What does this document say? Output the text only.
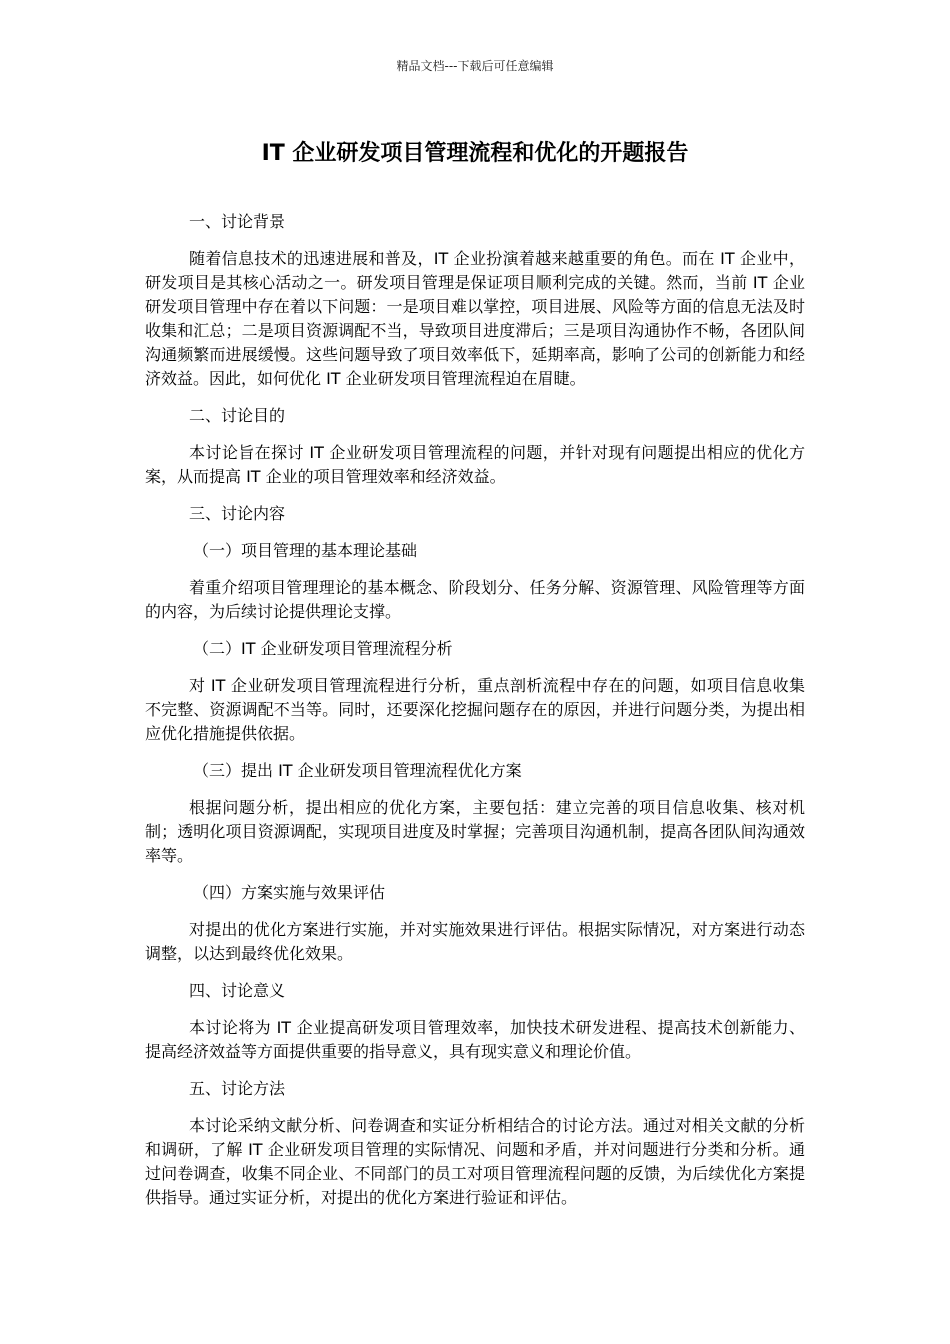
精品文档---下载后可任意编辑
IT 企业研发项目管理流程和优化的开题报告

一、讨论背景

随着信息技术的迅速进展和普及，IT 企业扮演着越来越重要的角色。而在 IT 企业中，研发项目是其核心活动之一。研发项目管理是保证项目顺利完成的关键。然而，当前 IT 企业研发项目管理中存在着以下问题：一是项目难以掌控，项目进展、风险等方面的信息无法及时收集和汇总；二是项目资源调配不当，导致项目进度滞后；三是项目沟通协作不畅，各团队间沟通频繁而进展缓慢。这些问题导致了项目效率低下，延期率高，影响了公司的创新能力和经济效益。因此，如何优化 IT 企业研发项目管理流程迫在眉睫。

二、讨论目的

本讨论旨在探讨 IT 企业研发项目管理流程的问题，并针对现有问题提出相应的优化方案，从而提高 IT 企业的项目管理效率和经济效益。

三、讨论内容

（一）项目管理的基本理论基础

着重介绍项目管理理论的基本概念、阶段划分、任务分解、资源管理、风险管理等方面的内容，为后续讨论提供理论支撑。

（二）IT 企业研发项目管理流程分析

对 IT 企业研发项目管理流程进行分析，重点剖析流程中存在的问题，如项目信息收集不完整、资源调配不当等。同时，还要深化挖掘问题存在的原因，并进行问题分类，为提出相应优化措施提供依据。

（三）提出 IT 企业研发项目管理流程优化方案

根据问题分析，提出相应的优化方案，主要包括：建立完善的项目信息收集、核对机制；透明化项目资源调配，实现项目进度及时掌握；完善项目沟通机制，提高各团队间沟通效率等。

（四）方案实施与效果评估

对提出的优化方案进行实施，并对实施效果进行评估。根据实际情况，对方案进行动态调整，以达到最终优化效果。

四、讨论意义

本讨论将为 IT 企业提高研发项目管理效率，加快技术研发进程、提高技术创新能力、提高经济效益等方面提供重要的指导意义，具有现实意义和理论价值。

五、讨论方法

本讨论采纳文献分析、问卷调查和实证分析相结合的讨论方法。通过对相关文献的分析和调研，了解 IT 企业研发项目管理的实际情况、问题和矛盾，并对问题进行分类和分析。通过问卷调查，收集不同企业、不同部门的员工对项目管理流程问题的反馈，为后续优化方案提供指导。通过实证分析，对提出的优化方案进行验证和评估。
